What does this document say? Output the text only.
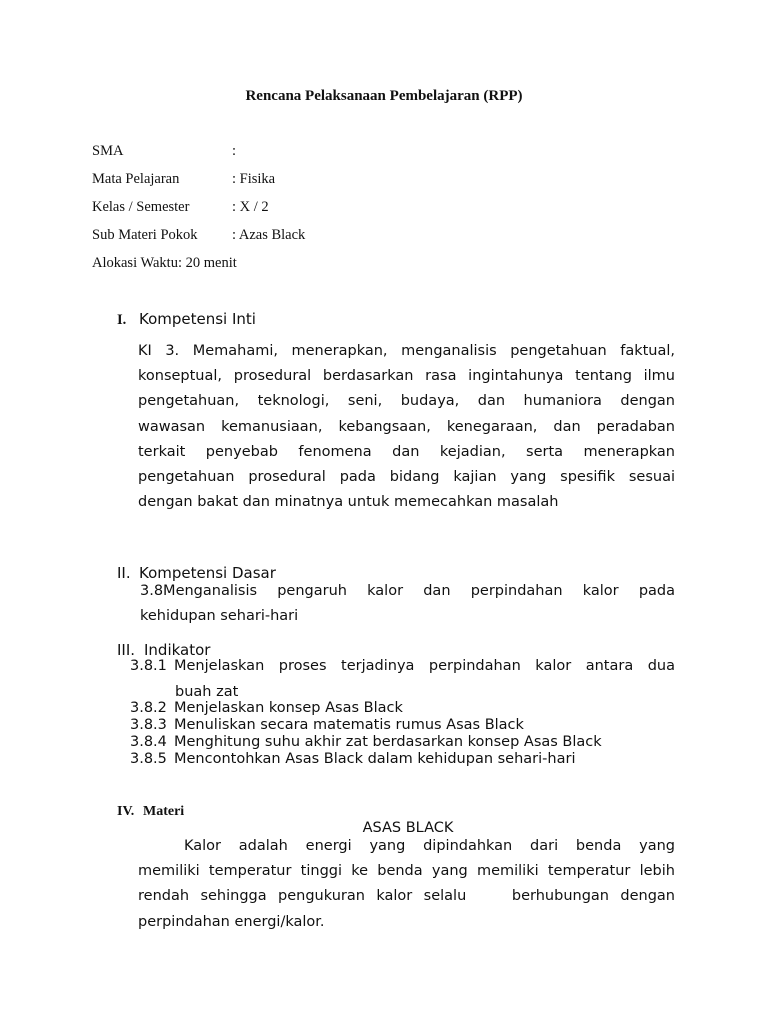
Rencana Pelaksanaan Pembelajaran (RPP)
SMA	:
Mata Pelajaran	: Fisika
Kelas / Semester	: X / 2
Sub Materi Pokok : Azas Black
Alokasi Waktu: 20 menit
I. Kompetensi Inti
KI 3. Memahami, menerapkan, menganalisis pengetahuan faktual,
konseptual, prosedural berdasarkan rasa ingintahunya tentang ilmu
pengetahuan, teknologi, seni, budaya, dan humaniora dengan
wawasan kemanusiaan, kebangsaan, kenegaraan, dan peradaban
terkait penyebab fenomena dan kejadian, serta menerapkan
pengetahuan prosedural pada bidang kajian yang spesifik sesuai
dengan bakat dan minatnya untuk memecahkan masalah
II. Kompetensi Dasar
3.8Menganalisis pengaruh kalor dan perpindahan kalor pada
kehidupan sehari-hari
III. Indikator
3.8.1 Menjelaskan proses terjadinya perpindahan kalor antara dua
buah zat
3.8.2 Menjelaskan konsep Asas Black
3.8.3 Menuliskan secara matematis rumus Asas Black
3.8.4 Menghitung suhu akhir zat berdasarkan konsep Asas Black
3.8.5 Mencontohkan Asas Black dalam kehidupan sehari-hari
IV. Materi
ASAS BLACK
Kalor adalah energi yang dipindahkan dari benda yang
memiliki temperatur tinggi ke benda yang memiliki temperatur lebih
rendah sehingga pengukuran kalor selalu    berhubungan dengan
perpindahan energi/kalor.
